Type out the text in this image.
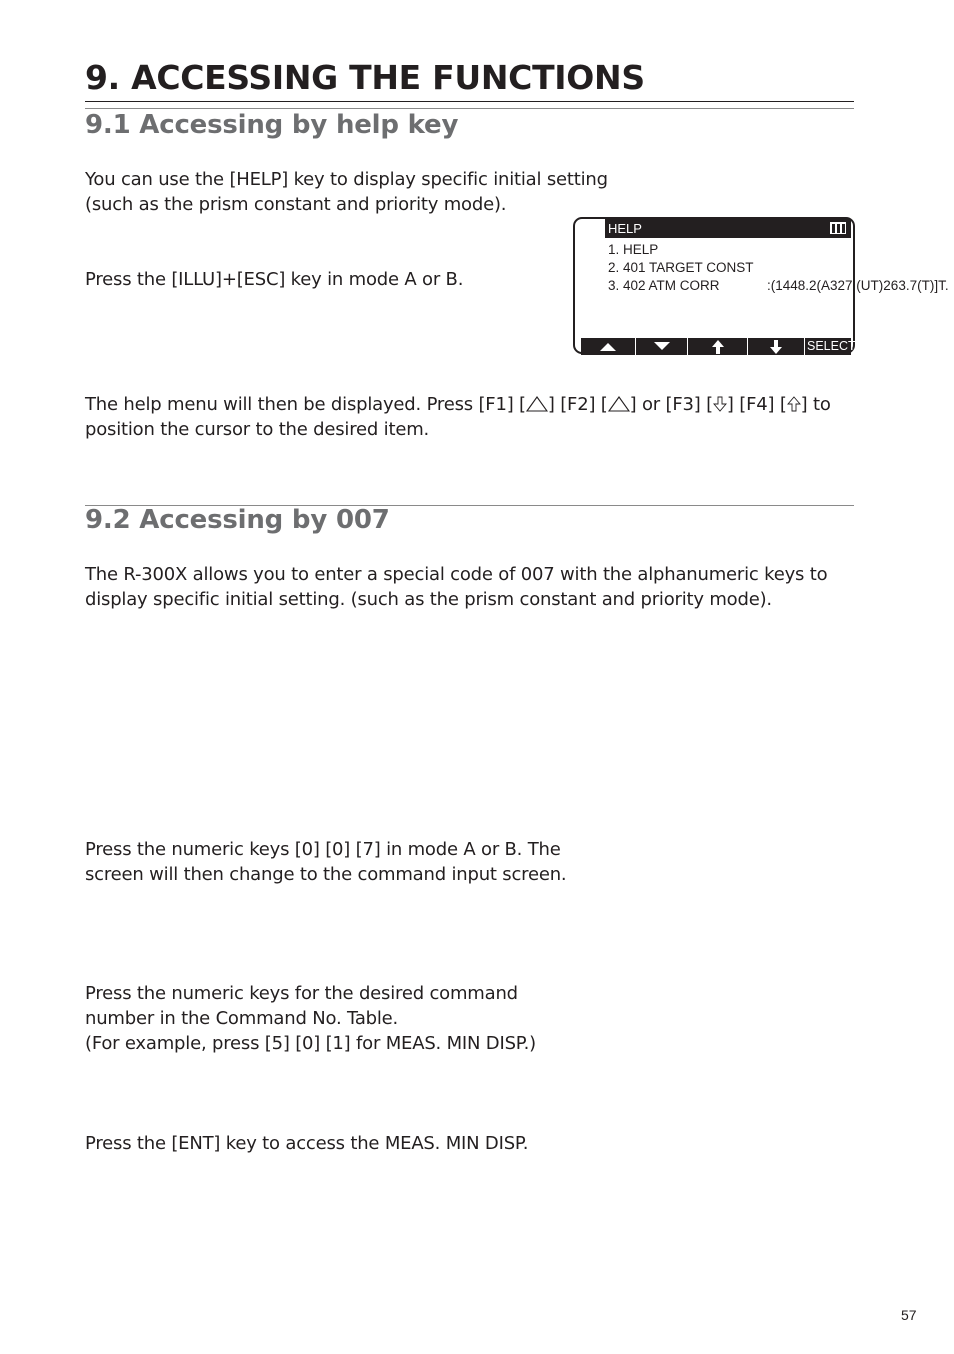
9. ACCESSING THE FUNCTIONS
9.1 Accessing by help key

You can use the [HELP] key to display specific initial setting
(such as the prism constant and priority mode).

Press the [ILLU]+[ESC] key in mode A or B.

HELP
1. HELP
2. 401 TARGET CONST
3. 402 ATM CORR	:(1448.2(A327.(UT)263.7(T)]T.
SELECT

The help menu will then be displayed. Press [F1] [ ] [F2] [ ] or [F3] [ ] [F4] [ ] to
position the cursor to the desired item.

9.2 Accessing by 007

The R-300X allows you to enter a special code of 007 with the alphanumeric keys to
display specific initial setting. (such as the prism constant and priority mode).

Press the numeric keys [0] [0] [7] in mode A or B. The
screen will then change to the command input screen.

Press the numeric keys for the desired command
number in the Command No. Table.
(For example, press [5] [0] [1] for MEAS. MIN DISP.)

Press the [ENT] key to access the MEAS. MIN DISP.

57
